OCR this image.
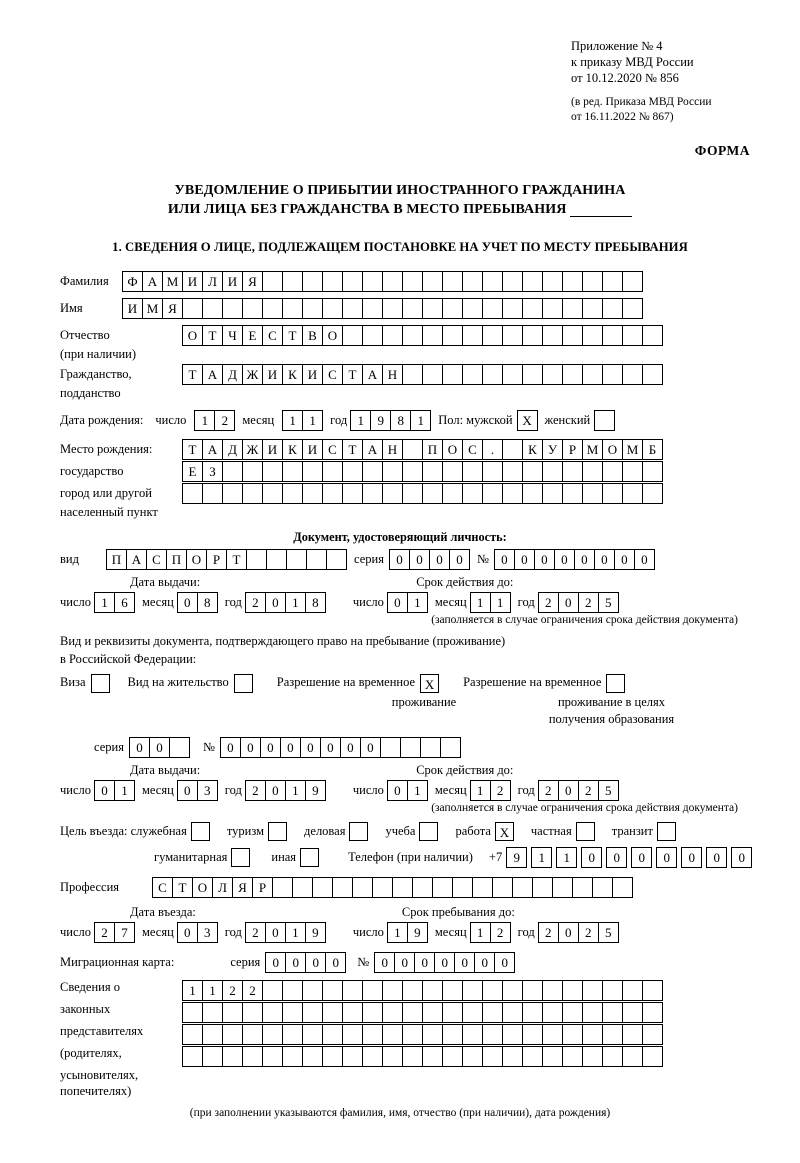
Приложение № 4
к приказу МВД России
от 10.12.2020 № 856
(в ред. Приказа МВД России
от 16.11.2022 № 867)
ФОРМА
УВЕДОМЛЕНИЕ О ПРИБЫТИИ ИНОСТРАННОГО ГРАЖДАНИНА
ИЛИ ЛИЦА БЕЗ ГРАЖДАНСТВА В МЕСТО ПРЕБЫВАНИЯ
1. СВЕДЕНИЯ О ЛИЦЕ, ПОДЛЕЖАЩЕМ ПОСТАНОВКЕ НА УЧЕТ ПО МЕСТУ ПРЕБЫВАНИЯ
Фамилия	Ф А М И Л И Я
Имя	И М Я
Отчество	О Т Ч Е С Т В О
(при наличии)
Гражданство,	Т А Д Ж И К И С Т А Н
подданство
Дата рождения: число	1	2	месяц	1	1	год 1	9	8	1	Пол: мужской X	женский
Место рождения:	Т А Д Ж И К И С Т А Н	П О С	.	К У Р М О М Б
государство	Е З
город или другой
населенный пункт
Документ, удостоверяющий личность:
вид	П А С П О Р Т	серия 0	0	0	0	№ 0	0	0	0	0	0	0	0
Дата выдачи:	Срок действия до:
число 1	6	месяц 0	8	год 2	0	1	8	число 0	1	месяц 1	1	год 2	0	2	5
(заполняется в случае ограничения срока действия документа)
Вид и реквизиты документа, подтверждающего право на пребывание (проживание)
в Российской Федерации:
Виза	Вид на жительство	Разрешение на временное X	Разрешение на временное
проживание	проживание в целях
получения образования
серия 0	0	№ 0	0	0	0	0	0	0	0
Дата выдачи:	Срок действия до:
число 0	1	месяц 0	3	год 2	0	1	9	число 0	1	месяц 1	2	год 2	0	2	5
(заполняется в случае ограничения срока действия документа)
Цель въезда: служебная	туризм	деловая	учеба	работа X	частная	транзит
гуманитарная	иная	Телефон (при наличии) +7 9	1	1	0	0	0	0	0	0	0
Профессия	С Т О Л Я Р
Дата въезда:	Срок пребывания до:
число 2	7	месяц 0	3	год 2	0	1	9	число 1	9	месяц 1	2	год 2	0	2	5
Миграционная карта:	серия 0	0	0	0	№ 0	0	0	0	0	0	0
Сведения о	1	1	2	2
законных
представителях
(родителях,
усыновителях,
попечителях)
(при заполнении указываются фамилия, имя, отчество (при наличии), дата рождения)
